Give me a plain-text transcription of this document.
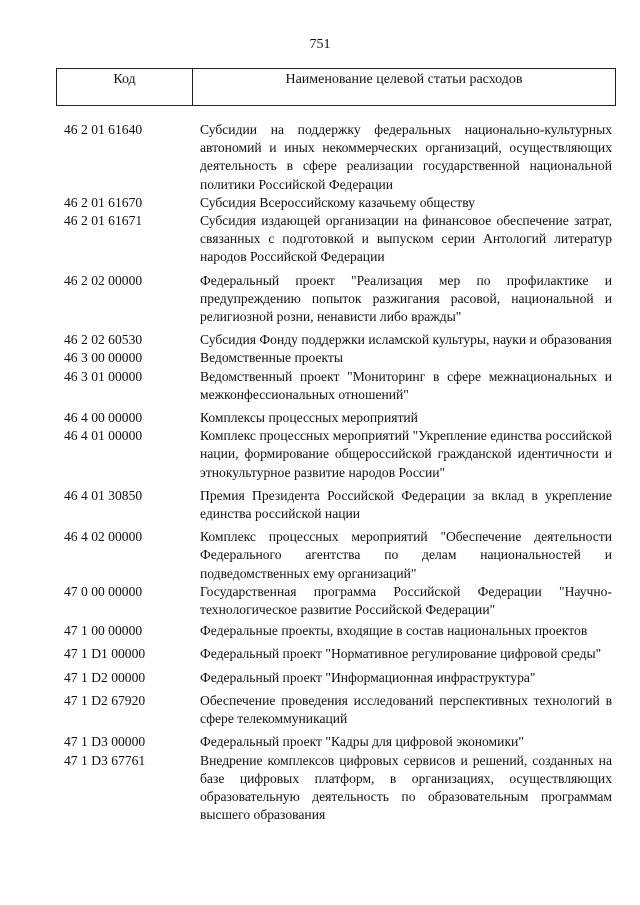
751
Код	Наименование целевой статьи расходов
46 2 01 61640	Субсидии на поддержку федеральных национально-культурных автономий и иных некоммерческих организаций, осуществляющих деятельность в сфере реализации государственной национальной политики Российской Федерации
46 2 01 61670	Субсидия Всероссийскому казачьему обществу
46 2 01 61671	Субсидия издающей организации на финансовое обеспечение затрат, связанных с подготовкой и выпуском серии Антологий литератур народов Российской Федерации
46 2 02 00000	Федеральный проект "Реализация мер по профилактике и предупреждению попыток разжигания расовой, национальной и религиозной розни, ненависти либо вражды"
46 2 02 60530	Субсидия Фонду поддержки исламской культуры, науки и образования
46 3 00 00000	Ведомственные проекты
46 3 01 00000	Ведомственный проект "Мониторинг в сфере межнациональных и межконфессиональных отношений"
46 4 00 00000	Комплексы процессных мероприятий
46 4 01 00000	Комплекс процессных мероприятий "Укрепление единства российской нации, формирование общероссийской гражданской идентичности и этнокультурное развитие народов России"
46 4 01 30850	Премия Президента Российской Федерации за вклад в укрепление единства российской нации
46 4 02 00000	Комплекс процессных мероприятий "Обеспечение деятельности Федерального агентства по делам национальностей и подведомственных ему организаций"
47 0 00 00000	Государственная программа Российской Федерации "Научно-технологическое развитие Российской Федерации"
47 1 00 00000	Федеральные проекты, входящие в состав национальных проектов
47 1 D1 00000	Федеральный проект "Нормативное регулирование цифровой среды"
47 1 D2 00000	Федеральный проект "Информационная инфраструктура"
47 1 D2 67920	Обеспечение проведения исследований перспективных технологий в сфере телекоммуникаций
47 1 D3 00000	Федеральный проект "Кадры для цифровой экономики"
47 1 D3 67761	Внедрение комплексов цифровых сервисов и решений, созданных на базе цифровых платформ, в организациях, осуществляющих образовательную деятельность по образовательным программам высшего образования
